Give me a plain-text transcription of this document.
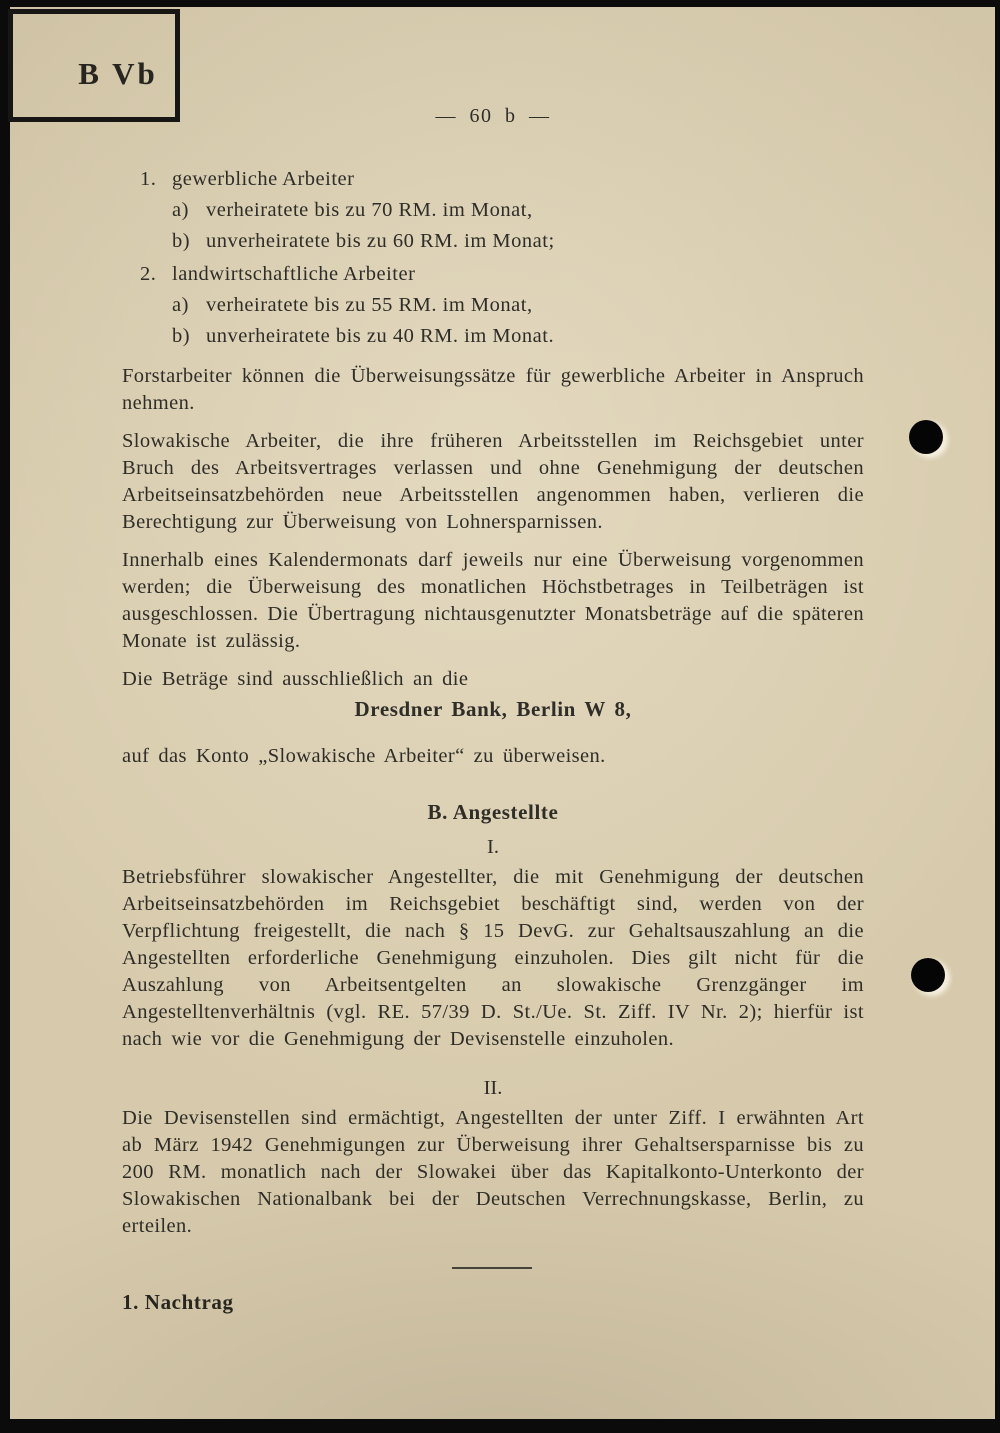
B Vb
— 60 b —
1. gewerbliche Arbeiter
a) verheiratete bis zu 70 RM. im Monat,
b) unverheiratete bis zu 60 RM. im Monat;
2. landwirtschaftliche Arbeiter
a) verheiratete bis zu 55 RM. im Monat,
b) unverheiratete bis zu 40 RM. im Monat.

Forstarbeiter können die Überweisungssätze für gewerbliche Arbeiter in Anspruch nehmen.

Slowakische Arbeiter, die ihre früheren Arbeitsstellen im Reichsgebiet unter Bruch des Arbeitsvertrages verlassen und ohne Genehmigung der deutschen Arbeitseinsatzbehörden neue Arbeitsstellen angenommen haben, verlieren die Berechtigung zur Überweisung von Lohnersparnissen.

Innerhalb eines Kalendermonats darf jeweils nur eine Überweisung vorgenommen werden; die Überweisung des monatlichen Höchstbetrages in Teilbeträgen ist ausgeschlossen. Die Übertragung nichtausgenutzter Monatsbeträge auf die späteren Monate ist zulässig.

Die Beträge sind ausschließlich an die

Dresdner Bank, Berlin W 8,

auf das Konto „Slowakische Arbeiter“ zu überweisen.

B. Angestellte
I.

Betriebsführer slowakischer Angestellter, die mit Genehmigung der deutschen Arbeitseinsatzbehörden im Reichsgebiet beschäftigt sind, werden von der Verpflichtung freigestellt, die nach § 15 DevG. zur Gehaltsauszahlung an die Angestellten erforderliche Genehmigung einzuholen. Dies gilt nicht für die Auszahlung von Arbeitsentgelten an slowakische Grenzgänger im Angestelltenverhältnis (vgl. RE. 57/39 D. St./Ue. St. Ziff. IV Nr. 2); hierfür ist nach wie vor die Genehmigung der Devisenstelle einzuholen.

II.

Die Devisenstellen sind ermächtigt, Angestellten der unter Ziff. I erwähnten Art ab März 1942 Genehmigungen zur Überweisung ihrer Gehaltsersparnisse bis zu 200 RM. monatlich nach der Slowakei über das Kapitalkonto-Unterkonto der Slowakischen Nationalbank bei der Deutschen Verrechnungskasse, Berlin, zu erteilen.

1. Nachtrag
